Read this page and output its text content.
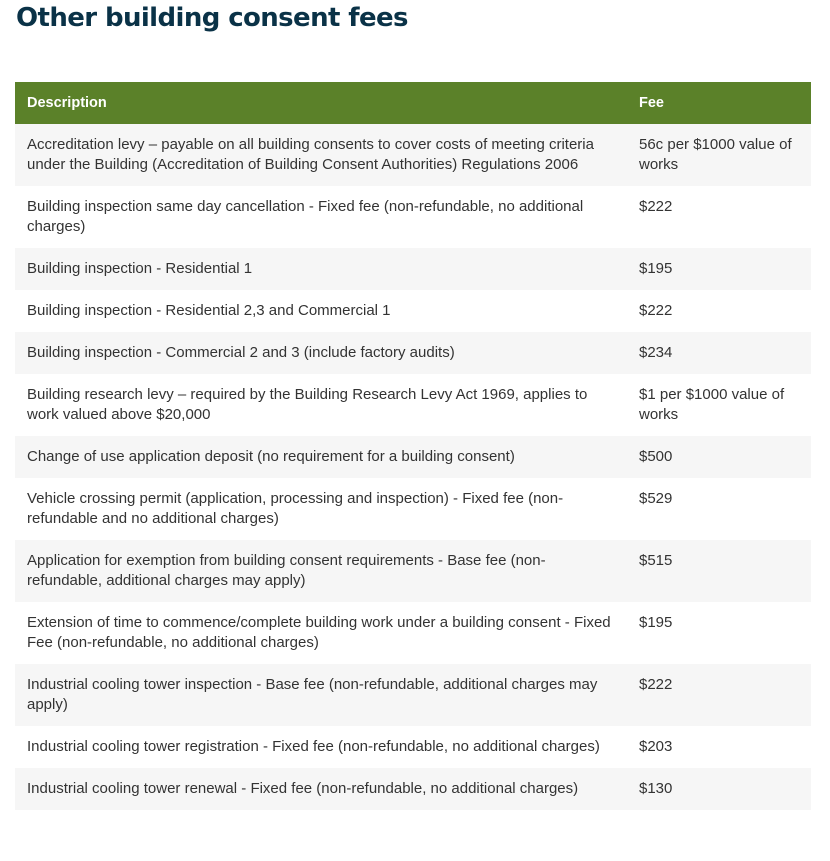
Other building consent fees
Description	Fee
Accreditation levy – payable on all building consents to cover costs of meeting criteria under the Building (Accreditation of Building Consent Authorities) Regulations 2006	56c per $1000 value of works
Building inspection same day cancellation - Fixed fee (non-refundable, no additional charges)	$222
Building inspection - Residential 1	$195
Building inspection - Residential 2,3 and Commercial 1	$222
Building inspection - Commercial 2 and 3 (include factory audits)	$234
Building research levy – required by the Building Research Levy Act 1969, applies to work valued above $20,000	$1 per $1000 value of works
Change of use application deposit (no requirement for a building consent)	$500
Vehicle crossing permit (application, processing and inspection) - Fixed fee (non-refundable and no additional charges)	$529
Application for exemption from building consent requirements - Base fee (non-refundable, additional charges may apply)	$515
Extension of time to commence/complete building work under a building consent - Fixed Fee (non-refundable, no additional charges)	$195
Industrial cooling tower inspection - Base fee (non-refundable, additional charges may apply)	$222
Industrial cooling tower registration - Fixed fee (non-refundable, no additional charges)	$203
Industrial cooling tower renewal - Fixed fee (non-refundable, no additional charges)	$130
